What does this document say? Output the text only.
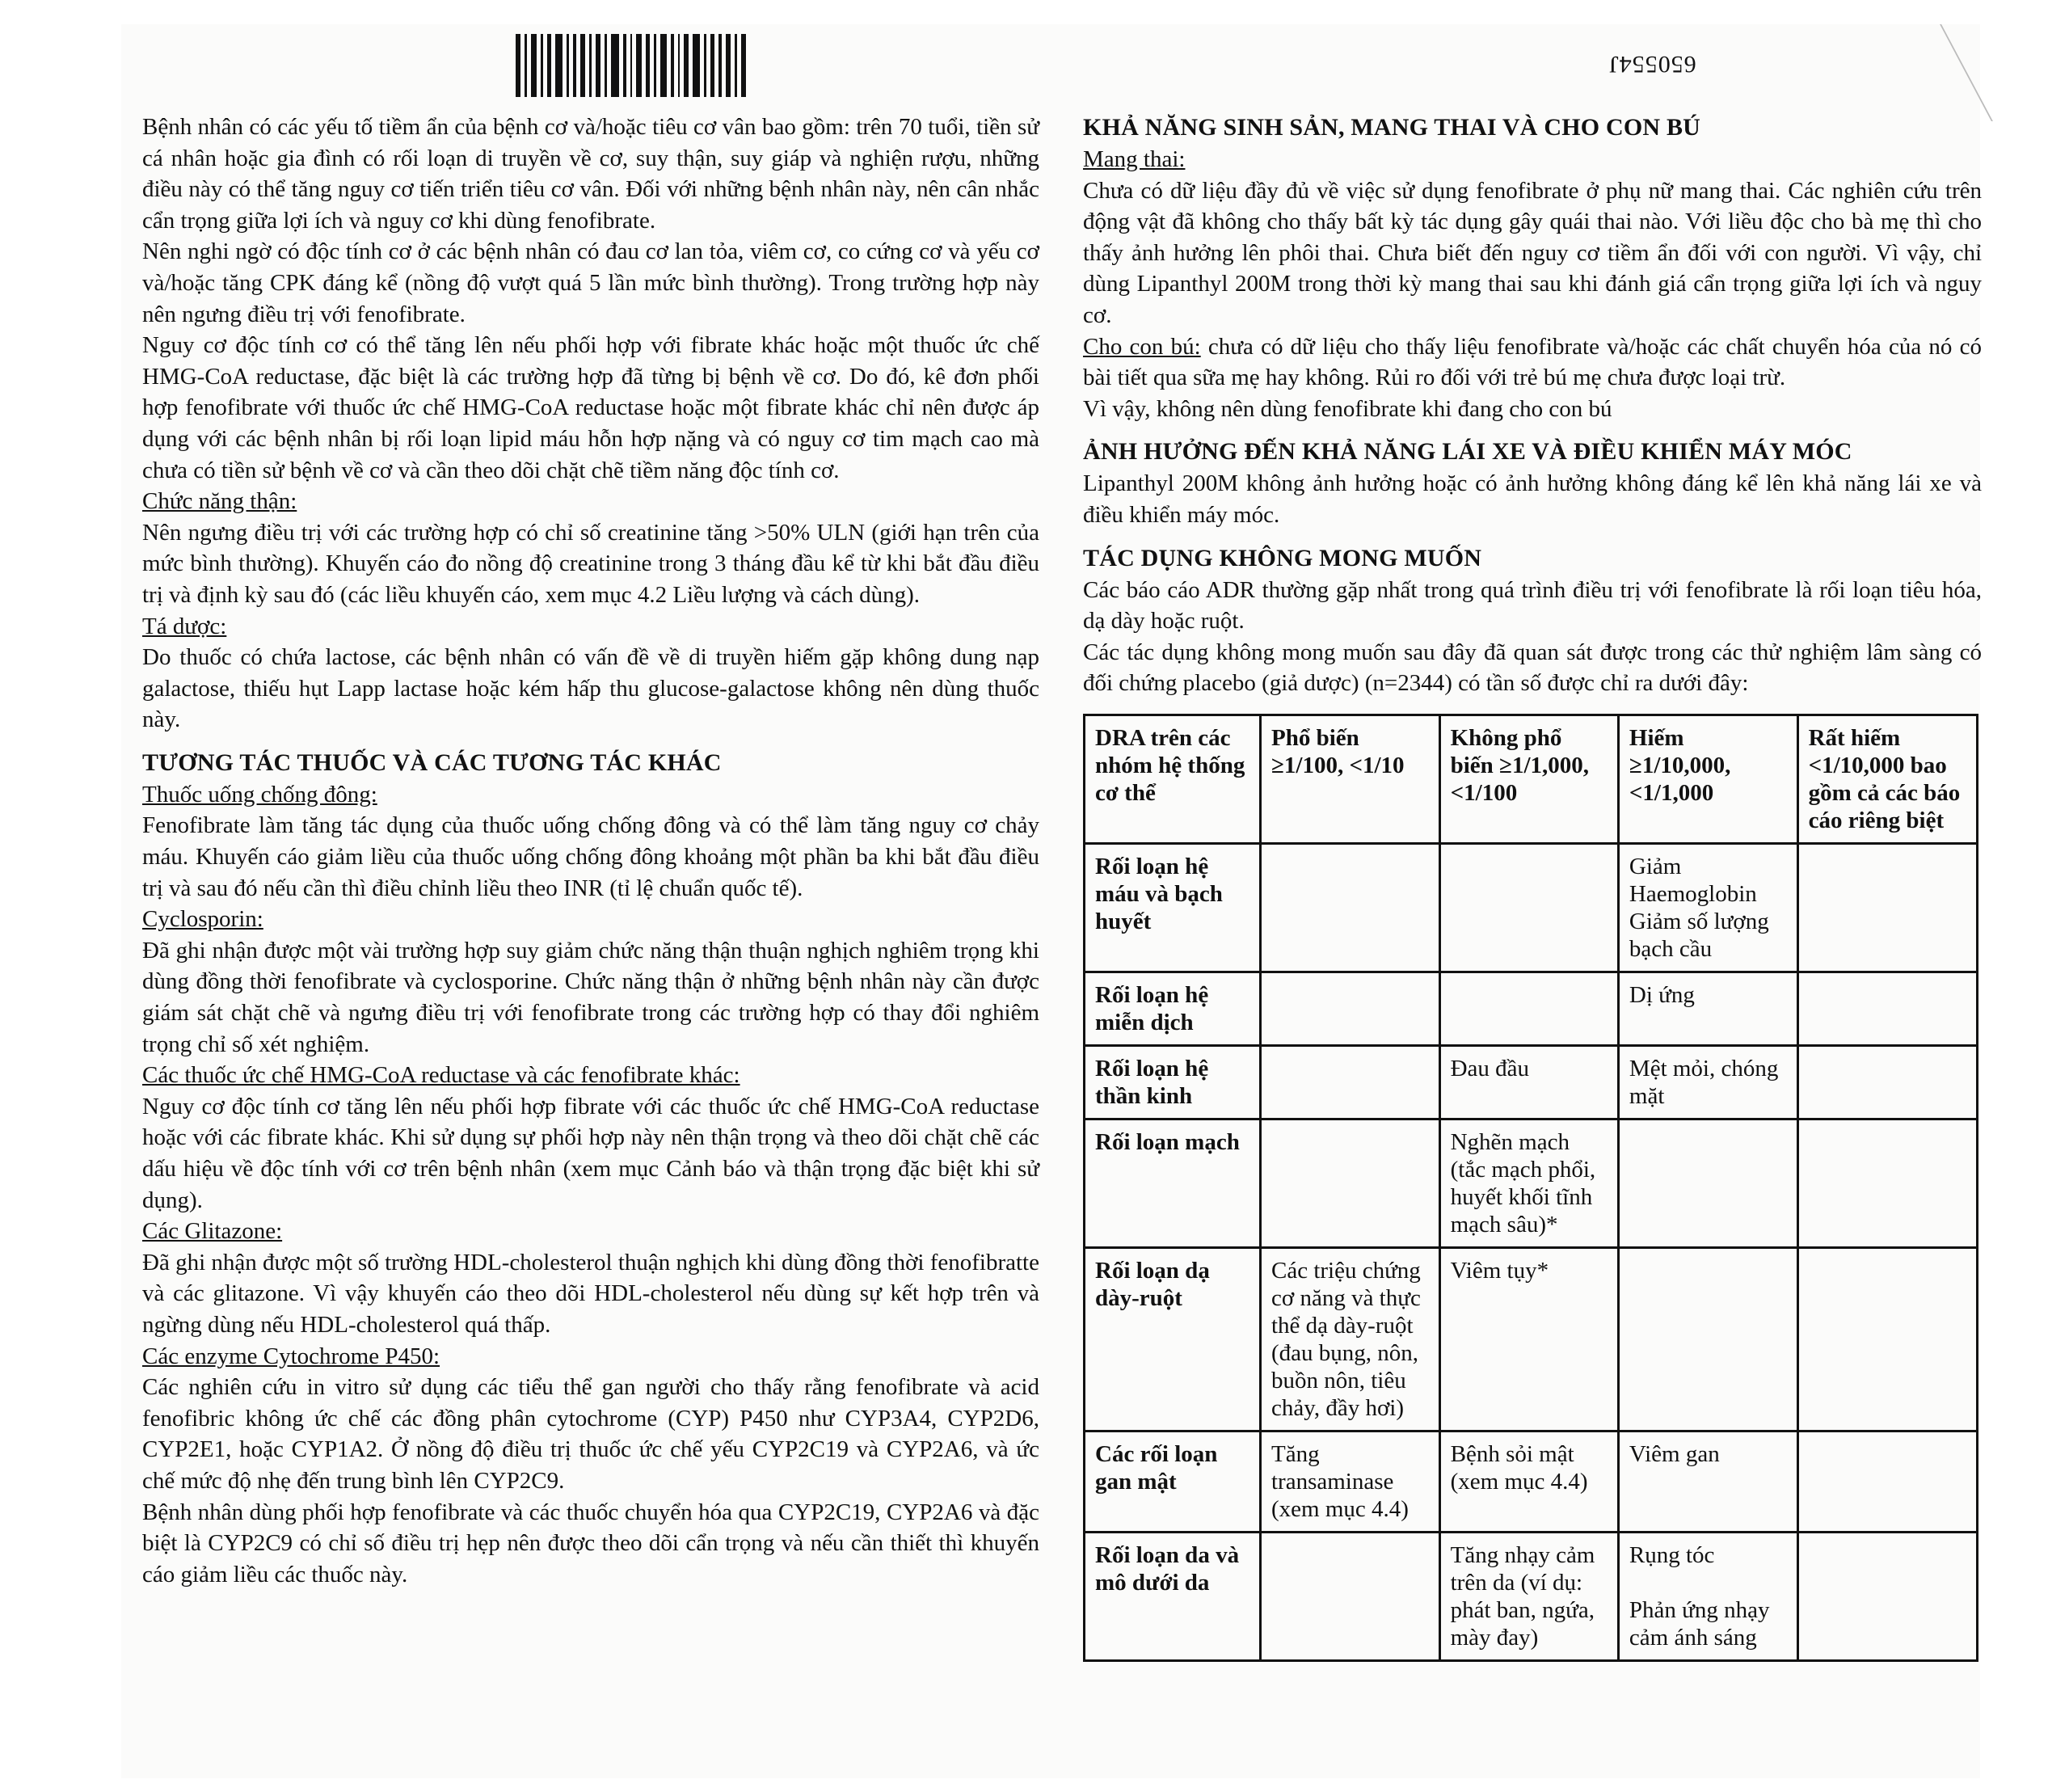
650554J

Bệnh nhân có các yếu tố tiềm ẩn của bệnh cơ và/hoặc tiêu cơ vân bao gồm: trên 70 tuổi, tiền sử cá nhân hoặc gia đình có rối loạn di truyền về cơ, suy thận, suy giáp và nghiện rượu, những điều này có thể tăng nguy cơ tiến triển tiêu cơ vân. Đối với những bệnh nhân này, nên cân nhắc cẩn trọng giữa lợi ích và nguy cơ khi dùng fenofibrate.

Nên nghi ngờ có độc tính cơ ở các bệnh nhân có đau cơ lan tỏa, viêm cơ, co cứng cơ và yếu cơ và/hoặc tăng CPK đáng kể (nồng độ vượt quá 5 lần mức bình thường). Trong trường hợp này nên ngưng điều trị với fenofibrate.

Nguy cơ độc tính cơ có thể tăng lên nếu phối hợp với fibrate khác hoặc một thuốc ức chế HMG-CoA reductase, đặc biệt là các trường hợp đã từng bị bệnh về cơ. Do đó, kê đơn phối hợp fenofibrate với thuốc ức chế HMG-CoA reductase hoặc một fibrate khác chỉ nên được áp dụng với các bệnh nhân bị rối loạn lipid máu hỗn hợp nặng và có nguy cơ tim mạch cao mà chưa có tiền sử bệnh về cơ và cần theo dõi chặt chẽ tiềm năng độc tính cơ.

Chức năng thận:

Nên ngưng điều trị với các trường hợp có chỉ số creatinine tăng >50% ULN (giới hạn trên của mức bình thường). Khuyến cáo đo nồng độ creatinine trong 3 tháng đầu kể từ khi bắt đầu điều trị và định kỳ sau đó (các liều khuyến cáo, xem mục 4.2 Liều lượng và cách dùng).

Tá dược:

Do thuốc có chứa lactose, các bệnh nhân có vấn đề về di truyền hiếm gặp không dung nạp galactose, thiếu hụt Lapp lactase hoặc kém hấp thu glucose-galactose không nên dùng thuốc này.

TƯƠNG TÁC THUỐC VÀ CÁC TƯƠNG TÁC KHÁC
Thuốc uống chống đông:

Fenofibrate làm tăng tác dụng của thuốc uống chống đông và có thể làm tăng nguy cơ chảy máu. Khuyến cáo giảm liều của thuốc uống chống đông khoảng một phần ba khi bắt đầu điều trị và sau đó nếu cần thì điều chỉnh liều theo INR (tỉ lệ chuẩn quốc tế).

Cyclosporin:

Đã ghi nhận được một vài trường hợp suy giảm chức năng thận thuận nghịch nghiêm trọng khi dùng đồng thời fenofibrate và cyclosporine. Chức năng thận ở những bệnh nhân này cần được giám sát chặt chẽ và ngưng điều trị với fenofibrate trong các trường hợp có thay đổi nghiêm trọng chỉ số xét nghiệm.

Các thuốc ức chế HMG-CoA reductase và các fenofibrate khác:

Nguy cơ độc tính cơ tăng lên nếu phối hợp fibrate với các thuốc ức chế HMG-CoA reductase hoặc với các fibrate khác. Khi sử dụng sự phối hợp này nên thận trọng và theo dõi chặt chẽ các dấu hiệu về độc tính với cơ trên bệnh nhân (xem mục Cảnh báo và thận trọng đặc biệt khi sử dụng).

Các Glitazone:

Đã ghi nhận được một số trường HDL-cholesterol thuận nghịch khi dùng đồng thời fenofibratte và các glitazone. Vì vậy khuyến cáo theo dõi HDL-cholesterol nếu dùng sự kết hợp trên và ngừng dùng nếu HDL-cholesterol quá thấp.

Các enzyme Cytochrome P450:

Các nghiên cứu in vitro sử dụng các tiểu thể gan người cho thấy rằng fenofibrate và acid fenofibric không ức chế các đồng phân cytochrome (CYP) P450 như CYP3A4, CYP2D6, CYP2E1, hoặc CYP1A2. Ở nồng độ điều trị thuốc ức chế yếu CYP2C19 và CYP2A6, và ức chế mức độ nhẹ đến trung bình lên CYP2C9.

Bệnh nhân dùng phối hợp fenofibrate và các thuốc chuyển hóa qua CYP2C19, CYP2A6 và đặc biệt là CYP2C9 có chỉ số điều trị hẹp nên được theo dõi cẩn trọng và nếu cần thiết thì khuyến cáo giảm liều các thuốc này.

KHẢ NĂNG SINH SẢN, MANG THAI VÀ CHO CON BÚ
Mang thai:

Chưa có dữ liệu đầy đủ về việc sử dụng fenofibrate ở phụ nữ mang thai. Các nghiên cứu trên động vật đã không cho thấy bất kỳ tác dụng gây quái thai nào. Với liều độc cho bà mẹ thì cho thấy ảnh hưởng lên phôi thai. Chưa biết đến nguy cơ tiềm ẩn đối với con người. Vì vậy, chỉ dùng Lipanthyl 200M trong thời kỳ mang thai sau khi đánh giá cẩn trọng giữa lợi ích và nguy cơ.

Cho con bú: chưa có dữ liệu cho thấy liệu fenofibrate và/hoặc các chất chuyển hóa của nó có bài tiết qua sữa mẹ hay không. Rủi ro đối với trẻ bú mẹ chưa được loại trừ.

Vì vậy, không nên dùng fenofibrate khi đang cho con bú

ẢNH HƯỞNG ĐẾN KHẢ NĂNG LÁI XE VÀ ĐIỀU KHIỂN MÁY MÓC

Lipanthyl 200M không ảnh hưởng hoặc có ảnh hưởng không đáng kể lên khả năng lái xe và điều khiển máy móc.

TÁC DỤNG KHÔNG MONG MUỐN

Các báo cáo ADR thường gặp nhất trong quá trình điều trị với fenofibrate là rối loạn tiêu hóa, dạ dày hoặc ruột.

Các tác dụng không mong muốn sau đây đã quan sát được trong các thử nghiệm lâm sàng có đối chứng placebo (giả dược) (n=2344) có tần số được chỉ ra dưới đây:

DRA trên các nhóm hệ thống cơ thể	Phổ biến ≥1/100, <1/10	Không phổ biến ≥1/1,000, <1/100	Hiếm ≥1/10,000, <1/1,000	Rất hiếm <1/10,000 bao gồm cả các báo cáo riêng biệt
Rối loạn hệ máu và bạch huyết			Giảm Haemoglobin Giảm số lượng bạch cầu	
Rối loạn hệ miễn dịch			Dị ứng	
Rối loạn hệ thần kinh		Đau đầu	Mệt mỏi, chóng mặt	
Rối loạn mạch		Nghẽn mạch (tắc mạch phổi, huyết khối tĩnh mạch sâu)*		
Rối loạn dạ dày-ruột	Các triệu chứng cơ năng và thực thể dạ dày-ruột (đau bụng, nôn, buồn nôn, tiêu chảy, đầy hơi)	Viêm tụy*		
Các rối loạn gan mật	Tăng transaminase (xem mục 4.4)	Bệnh sỏi mật (xem mục 4.4)	Viêm gan	
Rối loạn da và mô dưới da		Tăng nhạy cảm trên da (ví dụ: phát ban, ngứa, mày đay)	Rụng tóc

Phản ứng nhạy cảm ánh sáng	
